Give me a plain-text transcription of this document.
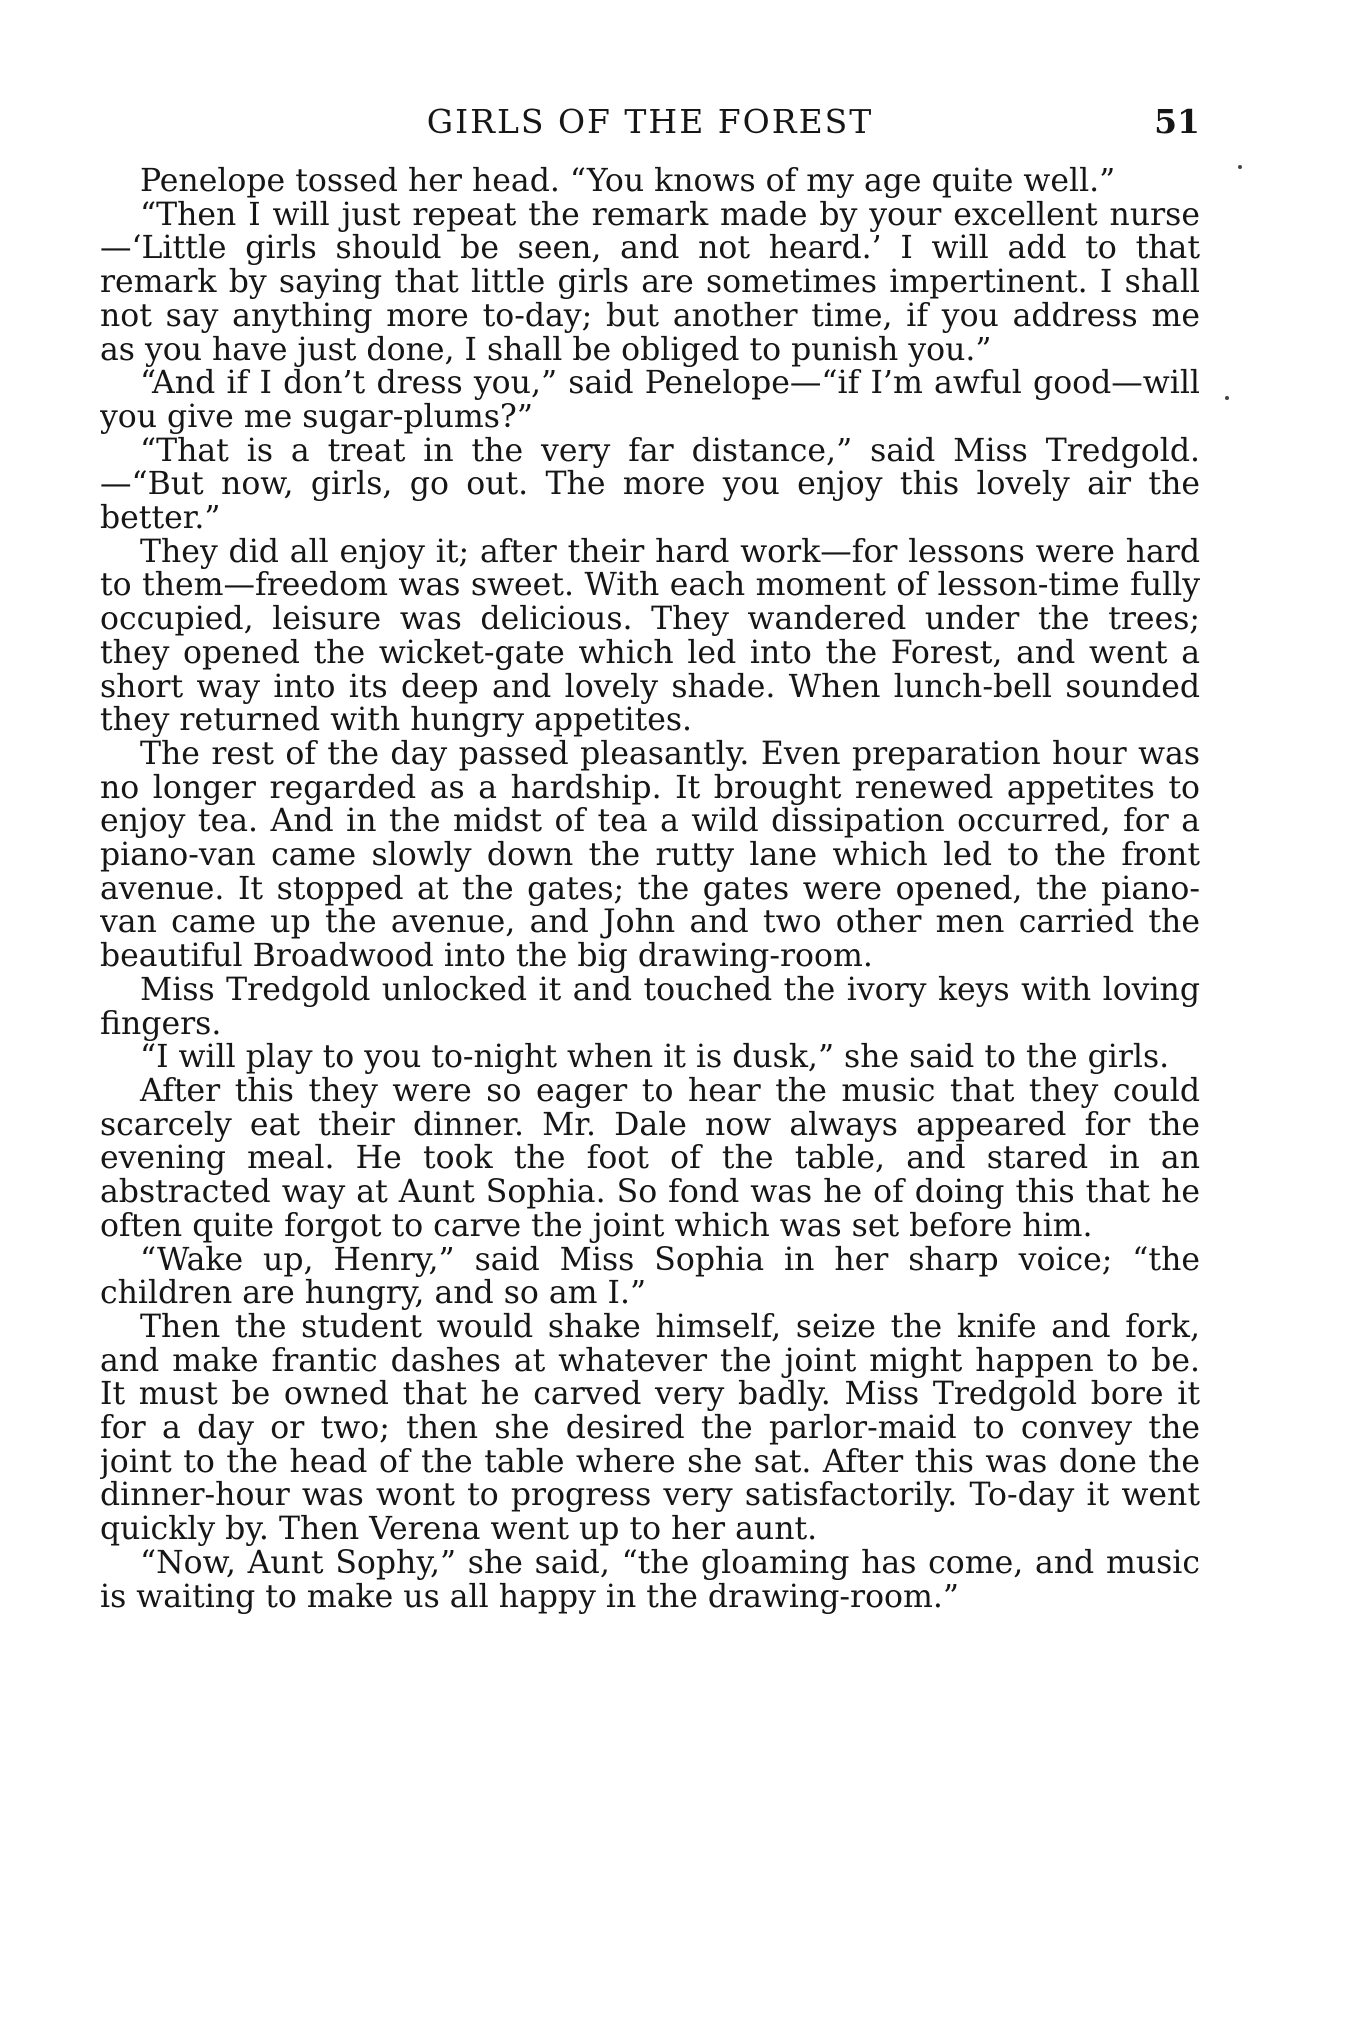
GIRLS OF THE FOREST	51

Penelope tossed her head. “You knows of my age quite well.”

“Then I will just repeat the remark made by your excellent nurse—‘Little girls should be seen, and not heard.’ I will add to that remark by saying that little girls are sometimes impertinent. I shall not say anything more to-day; but another time, if you address me as you have just done, I shall be obliged to punish you.”

“And if I don’t dress you,” said Penelope—“if I’m awful good—will you give me sugar-plums?”

“That is a treat in the very far distance,” said Miss Tredgold.—“But now, girls, go out. The more you enjoy this lovely air the better.”

They did all enjoy it; after their hard work—for lessons were hard to them—freedom was sweet. With each moment of lesson-time fully occupied, leisure was delicious. They wandered under the trees; they opened the wicket-gate which led into the Forest, and went a short way into its deep and lovely shade. When lunch-bell sounded they returned with hungry appetites.

The rest of the day passed pleasantly. Even preparation hour was no longer regarded as a hardship. It brought renewed appetites to enjoy tea. And in the midst of tea a wild dissipation occurred, for a piano-van came slowly down the rutty lane which led to the front avenue. It stopped at the gates; the gates were opened, the piano-van came up the avenue, and John and two other men carried the beautiful Broadwood into the big drawing-room.

Miss Tredgold unlocked it and touched the ivory keys with loving fingers.

“I will play to you to-night when it is dusk,” she said to the girls.

After this they were so eager to hear the music that they could scarcely eat their dinner. Mr. Dale now always appeared for the evening meal. He took the foot of the table, and stared in an abstracted way at Aunt Sophia. So fond was he of doing this that he often quite forgot to carve the joint which was set before him.

“Wake up, Henry,” said Miss Sophia in her sharp voice; “the children are hungry, and so am I.”

Then the student would shake himself, seize the knife and fork, and make frantic dashes at whatever the joint might happen to be. It must be owned that he carved very badly. Miss Tredgold bore it for a day or two; then she desired the parlor-maid to convey the joint to the head of the table where she sat. After this was done the dinner-hour was wont to progress very satisfactorily. To-day it went quickly by. Then Verena went up to her aunt.

“Now, Aunt Sophy,” she said, “the gloaming has come, and music is waiting to make us all happy in the drawing-room.”
